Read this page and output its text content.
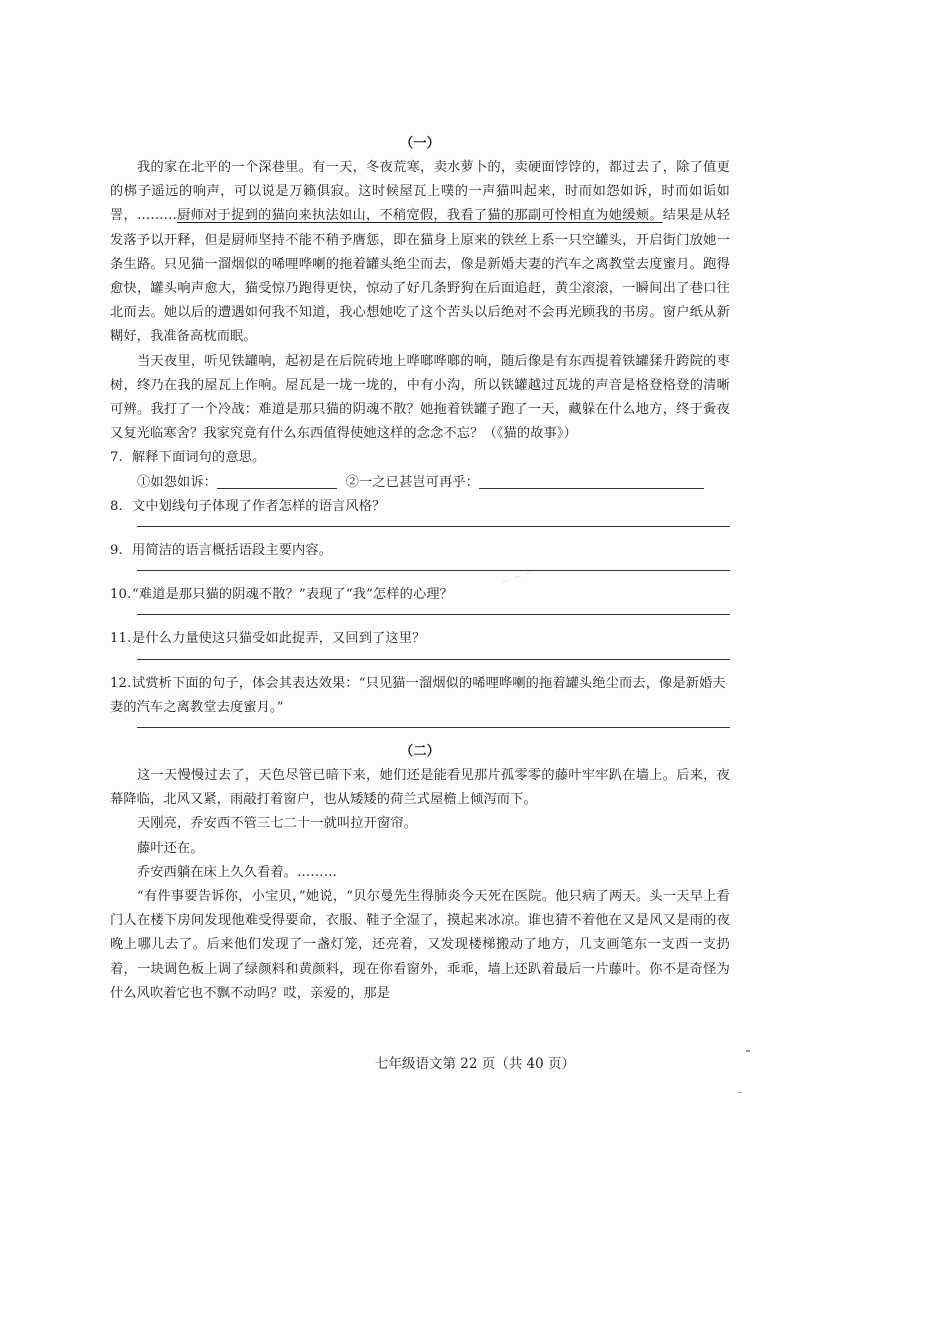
~ ~ ~
（一）

我的家在北平的一个深巷里。有一天，冬夜荒寒，卖水萝卜的，卖硬面饽饽的，都过去了，除了值更的梆子遥远的响声，可以说是万籁俱寂。这时候屋瓦上噗的一声猫叫起来，时而如怨如诉，时而如诟如詈，………厨师对于捉到的猫向来执法如山，不稍宽假，我看了猫的那副可怜相直为她缓颊。结果是从轻发落予以开释，但是厨师坚持不能不稍予膺惩，即在猫身上原来的铁丝上系一只空罐头，开启街门放她一条生路。只见猫一溜烟似的唏哩哗喇的拖着罐头绝尘而去，像是新婚夫妻的汽车之离教堂去度蜜月。跑得愈快，罐头响声愈大，猫受惊乃跑得更快，惊动了好几条野狗在后面追赶，黄尘滚滚，一瞬间出了巷口往北而去。她以后的遭遇如何我不知道，我心想她吃了这个苦头以后绝对不会再光顾我的书房。窗户纸从新糊好，我准备高枕而眠。

当天夜里，听见铁罐响，起初是在后院砖地上哗啷哗啷的响，随后像是有东西提着铁罐猱升跨院的枣树，终乃在我的屋瓦上作响。屋瓦是一垅一垅的，中有小沟，所以铁罐越过瓦垅的声音是格登格登的清晰可辨。我打了一个冷战：难道是那只猫的阴魂不散？她拖着铁罐子跑了一天，藏躲在什么地方，终于夤夜又复光临寒舍？我家究竟有什么东西值得使她这样的念念不忘？（《猫的故事》）

7. 解释下面词句的意思。

①如怨如诉：	②一之已甚岂可再乎：

8. 文中划线句子体现了作者怎样的语言风格？

9. 用简洁的语言概括语段主要内容。

10.“难道是那只猫的阴魂不散？”表现了“我”怎样的心理？

11.是什么力量使这只猫受如此捉弄，又回到了这里？

12.试赏析下面的句子，体会其表达效果：“只见猫一溜烟似的唏哩哗喇的拖着罐头绝尘而去，像是新婚夫妻的汽车之离教堂去度蜜月。”

（二）

这一天慢慢过去了，天色尽管已暗下来，她们还是能看见那片孤零零的藤叶牢牢趴在墙上。后来，夜幕降临，北风又紧，雨敲打着窗户，也从矮矮的荷兰式屋檐上倾泻而下。

天刚亮，乔安西不管三七二十一就叫拉开窗帘。

藤叶还在。

乔安西躺在床上久久看着。………

“有件事要告诉你，小宝贝，”她说，“贝尔曼先生得肺炎今天死在医院。他只病了两天。头一天早上看门人在楼下房间发现他难受得要命，衣服、鞋子全湿了，摸起来冰凉。谁也猜不着他在又是风又是雨的夜晚上哪儿去了。后来他们发现了一盏灯笼，还亮着，又发现楼梯搬动了地方，几支画笔东一支西一支扔着，一块调色板上调了绿颜料和黄颜料，现在你看窗外，乖乖，墙上还趴着最后一片藤叶。你不是奇怪为什么风吹着它也不飘不动吗？哎，亲爱的，那是

七年级语文第 22 页（共 40 页）
